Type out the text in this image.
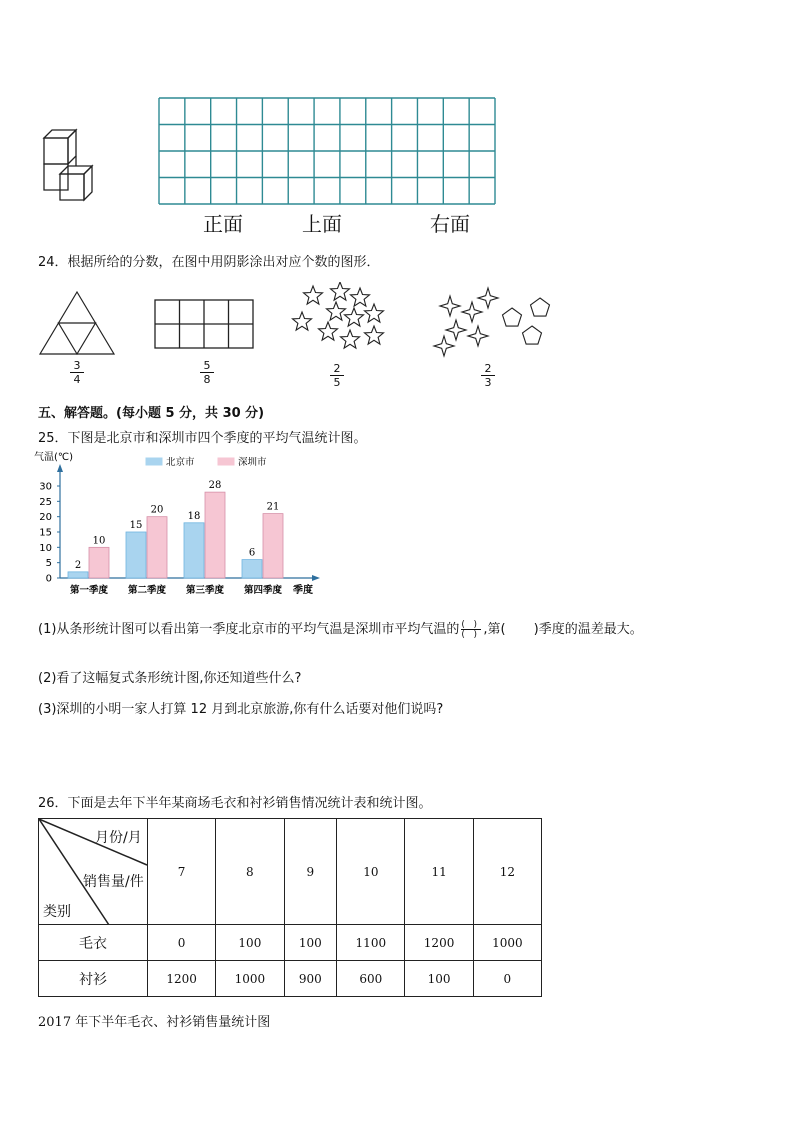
正面	上面	右面
24．根据所给的分数，在图中用阴影涂出对应个数的图形．
3
4
5
8
2
5
2
3
五、解答题。(每小题 5 分，共 30 分)
25．下图是北京市和深圳市四个季度的平均气温统计图。
气温(℃)
季度
0
5
10
15
20
25
30
北京市	深圳市
2
10
第一季度
15
20
第二季度
18
28
第三季度
6
21
第四季度
(1)从条形统计图可以看出第一季度北京市的平均气温是深圳市平均气温的 (   )
(   ) ,第( )季度的温差最大。
(2)看了这幅复式条形统计图,你还知道些什么?
(3)深圳的小明一家人打算 12 月到北京旅游,你有什么话要对他们说吗?
26．下面是去年下半年某商场毛衣和衬衫销售情况统计表和统计图。
月份/月
销售量/件
类别	7	8	9	10	11	12
毛衣	0	100	100	1100	1200	1000
衬衫	1200	1000	900	600	100	0
2017 年下半年毛衣、衬衫销售量统计图
